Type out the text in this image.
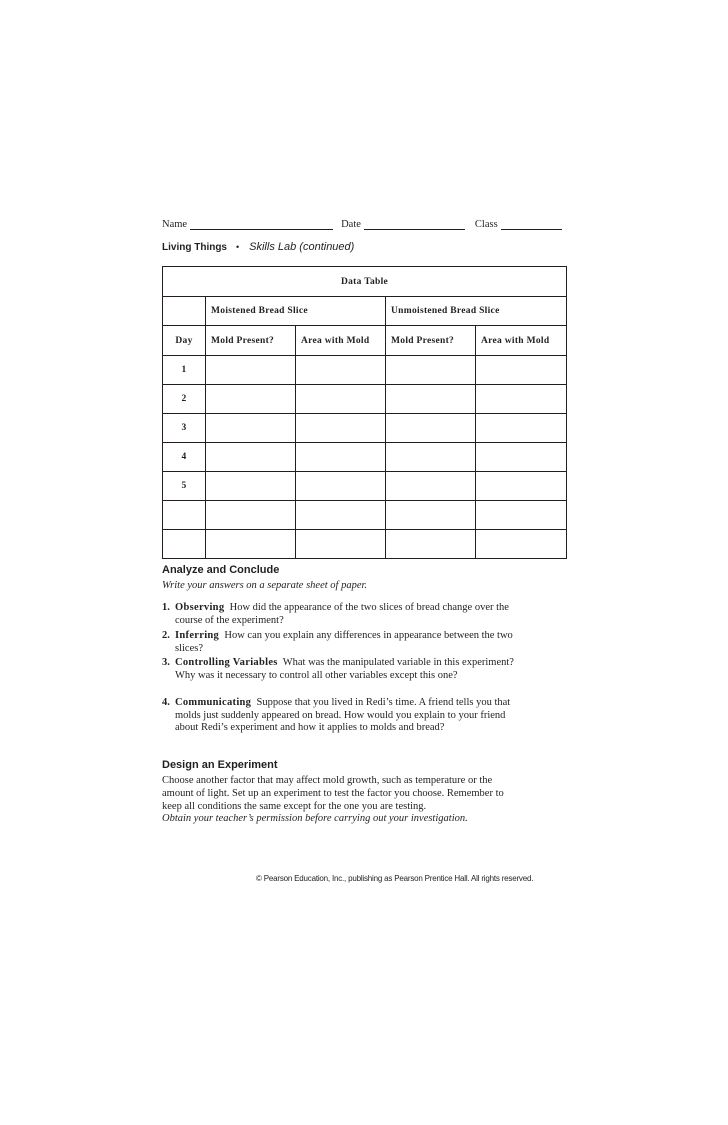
Name	Date	Class
Living Things • Skills Lab (continued)
Data Table				
	Moistened Bread Slice		Unmoistened Bread Slice	
Day	Mold Present?	Area with Mold	Mold Present?	Area with Mold
1				
2				
3				
4				
5				

Analyze and Conclude
Write your answers on a separate sheet of paper.
1. Observing How did the appearance of the two slices of bread change over the course of the experiment?
2. Inferring How can you explain any differences in appearance between the two slices?
3. Controlling Variables What was the manipulated variable in this experiment? Why was it necessary to control all other variables except this one?
4. Communicating Suppose that you lived in Redi’s time. A friend tells you that molds just suddenly appeared on bread. How would you explain to your friend about Redi’s experiment and how it applies to molds and bread?
Design an Experiment
Choose another factor that may affect mold growth, such as temperature or the amount of light. Set up an experiment to test the factor you choose. Remember to keep all conditions the same except for the one you are testing.
Obtain your teacher’s permission before carrying out your investigation.
© Pearson Education, Inc., publishing as Pearson Prentice Hall. All rights reserved.
